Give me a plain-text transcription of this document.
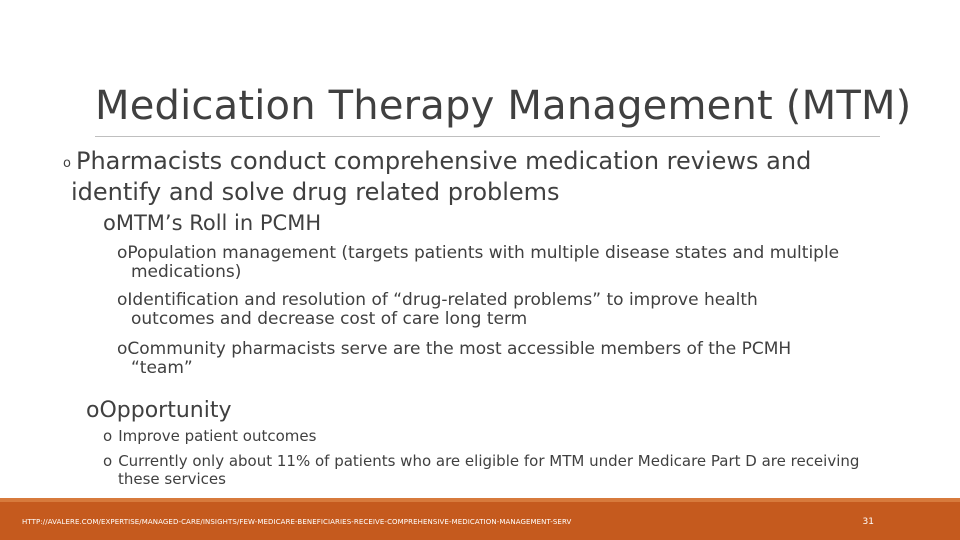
Medication Therapy Management (MTM)
o Pharmacists conduct comprehensive medication reviews and
identify and solve drug related problems
oMTM’s Roll in PCMH
oPopulation management (targets patients with multiple disease states and multiple
medications)
oIdentification and resolution of “drug-related problems” to improve health
outcomes and decrease cost of care long term
oCommunity pharmacists serve are the most accessible members of the PCMH
“team”
oOpportunity
o Improve patient outcomes
o Currently only about 11% of patients who are eligible for MTM under Medicare Part D are receiving
these services
HTTP://AVALERE.COM/EXPERTISE/MANAGED-CARE/INSIGHTS/FEW-MEDICARE-BENEFICIARIES-RECEIVE-COMPREHENSIVE-MEDICATION-MANAGEMENT-SERV	31
